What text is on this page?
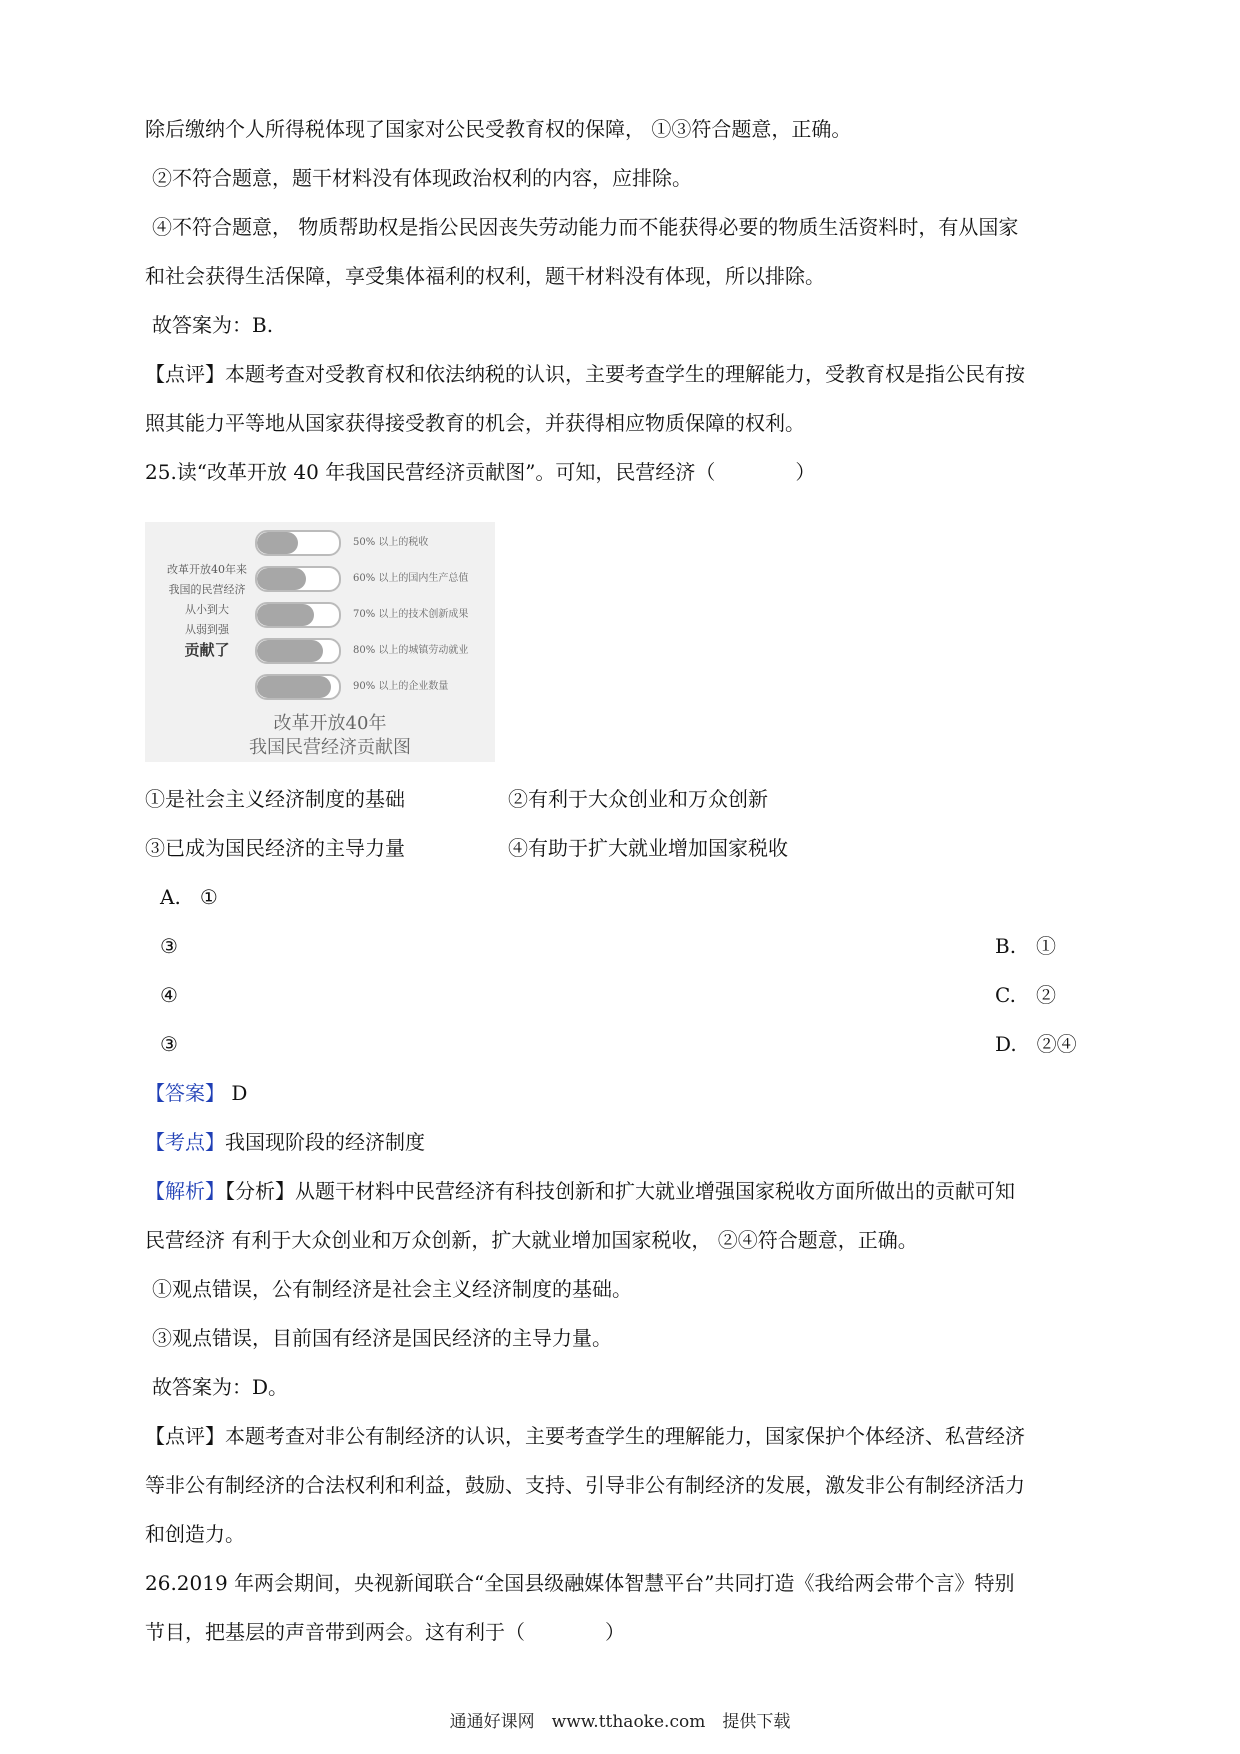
除后缴纳个人所得税体现了国家对公民受教育权的保障， ①③符合题意，正确。
②不符合题意，题干材料没有体现政治权利的内容，应排除。
④不符合题意， 物质帮助权是指公民因丧失劳动能力而不能获得必要的物质生活资料时，有从国家
和社会获得生活保障，享受集体福利的权利，题干材料没有体现，所以排除。
故答案为：B.
【点评】本题考查对受教育权和依法纳税的认识，主要考查学生的理解能力，受教育权是指公民有按
照其能力平等地从国家获得接受教育的机会，并获得相应物质保障的权利。
25.读“改革开放 40 年我国民营经济贡献图”。可知，民营经济（　　　　）
改革开放40年来
我国的民营经济
从小到大
从弱到强
贡献了
50% 以上的税收
60% 以上的国内生产总值
70% 以上的技术创新成果
80% 以上的城镇劳动就业
90% 以上的企业数量
改革开放40年
我国民营经济贡献图
①是社会主义经济制度的基础	②有利于大众创业和万众创新
③已成为国民经济的主导力量	④有助于扩大就业增加国家税收
A. ①
③	B.　①
④	C.　②
③	D.　②④
【答案】 D
【考点】我国现阶段的经济制度
【解析】【分析】从题干材料中民营经济有科技创新和扩大就业增强国家税收方面所做出的贡献可知
民营经济 有利于大众创业和万众创新，扩大就业增加国家税收， ②④符合题意，正确。
①观点错误，公有制经济是社会主义经济制度的基础。
③观点错误，目前国有经济是国民经济的主导力量。
故答案为：D。
【点评】本题考查对非公有制经济的认识，主要考查学生的理解能力，国家保护个体经济、私营经济
等非公有制经济的合法权利和利益，鼓励、支持、引导非公有制经济的发展，激发非公有制经济活力
和创造力。
26.2019 年两会期间，央视新闻联合“全国县级融媒体智慧平台”共同打造《我给两会带个言》特别
节目，把基层的声音带到两会。这有利于（　　　　）
通通好课网　www.tthaoke.com　提供下载
